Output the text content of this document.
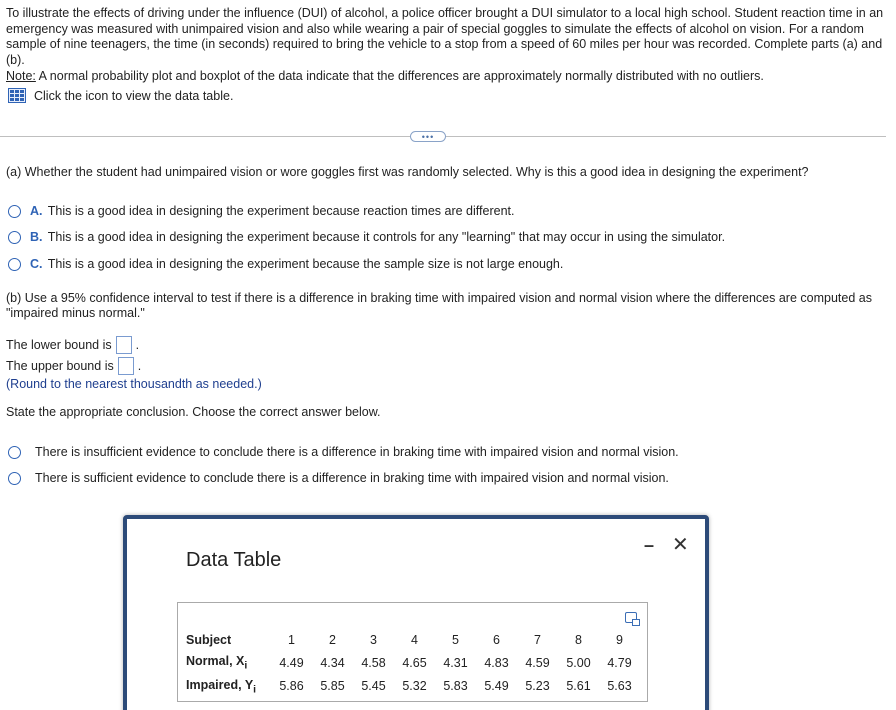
To illustrate the effects of driving under the influence (DUI) of alcohol, a police officer brought a DUI simulator to a local high school. Student reaction time in an emergency was measured with unimpaired vision and also while wearing a pair of special goggles to simulate the effects of alcohol on vision. For a random sample of nine teenagers, the time (in seconds) required to bring the vehicle to a stop from a speed of 60 miles per hour was recorded. Complete parts (a) and (b).
Note: A normal probability plot and boxplot of the data indicate that the differences are approximately normally distributed with no outliers.
Click the icon to view the data table.
•••
(a) Whether the student had unimpaired vision or wore goggles first was randomly selected. Why is this a good idea in designing the experiment?
A. This is a good idea in designing the experiment because reaction times are different.
B. This is a good idea in designing the experiment because it controls for any "learning" that may occur in using the simulator.
C. This is a good idea in designing the experiment because the sample size is not large enough.
(b) Use a 95% confidence interval to test if there is a difference in braking time with impaired vision and normal vision where the differences are computed as "impaired minus normal."
The lower bound is .
The upper bound is .
(Round to the nearest thousandth as needed.)
State the appropriate conclusion. Choose the correct answer below.
There is insufficient evidence to conclude there is a difference in braking time with impaired vision and normal vision.
There is sufficient evidence to conclude there is a difference in braking time with impaired vision and normal vision.
Data Table
– ✕
Subject	1	2	3	4	5	6	7	8	9
Normal, $X_i$	4.49	4.34	4.58	4.65	4.31	4.83	4.59	5.00	4.79
Impaired, $Y_i$	5.86	5.85	5.45	5.32	5.83	5.49	5.23	5.61	5.63
